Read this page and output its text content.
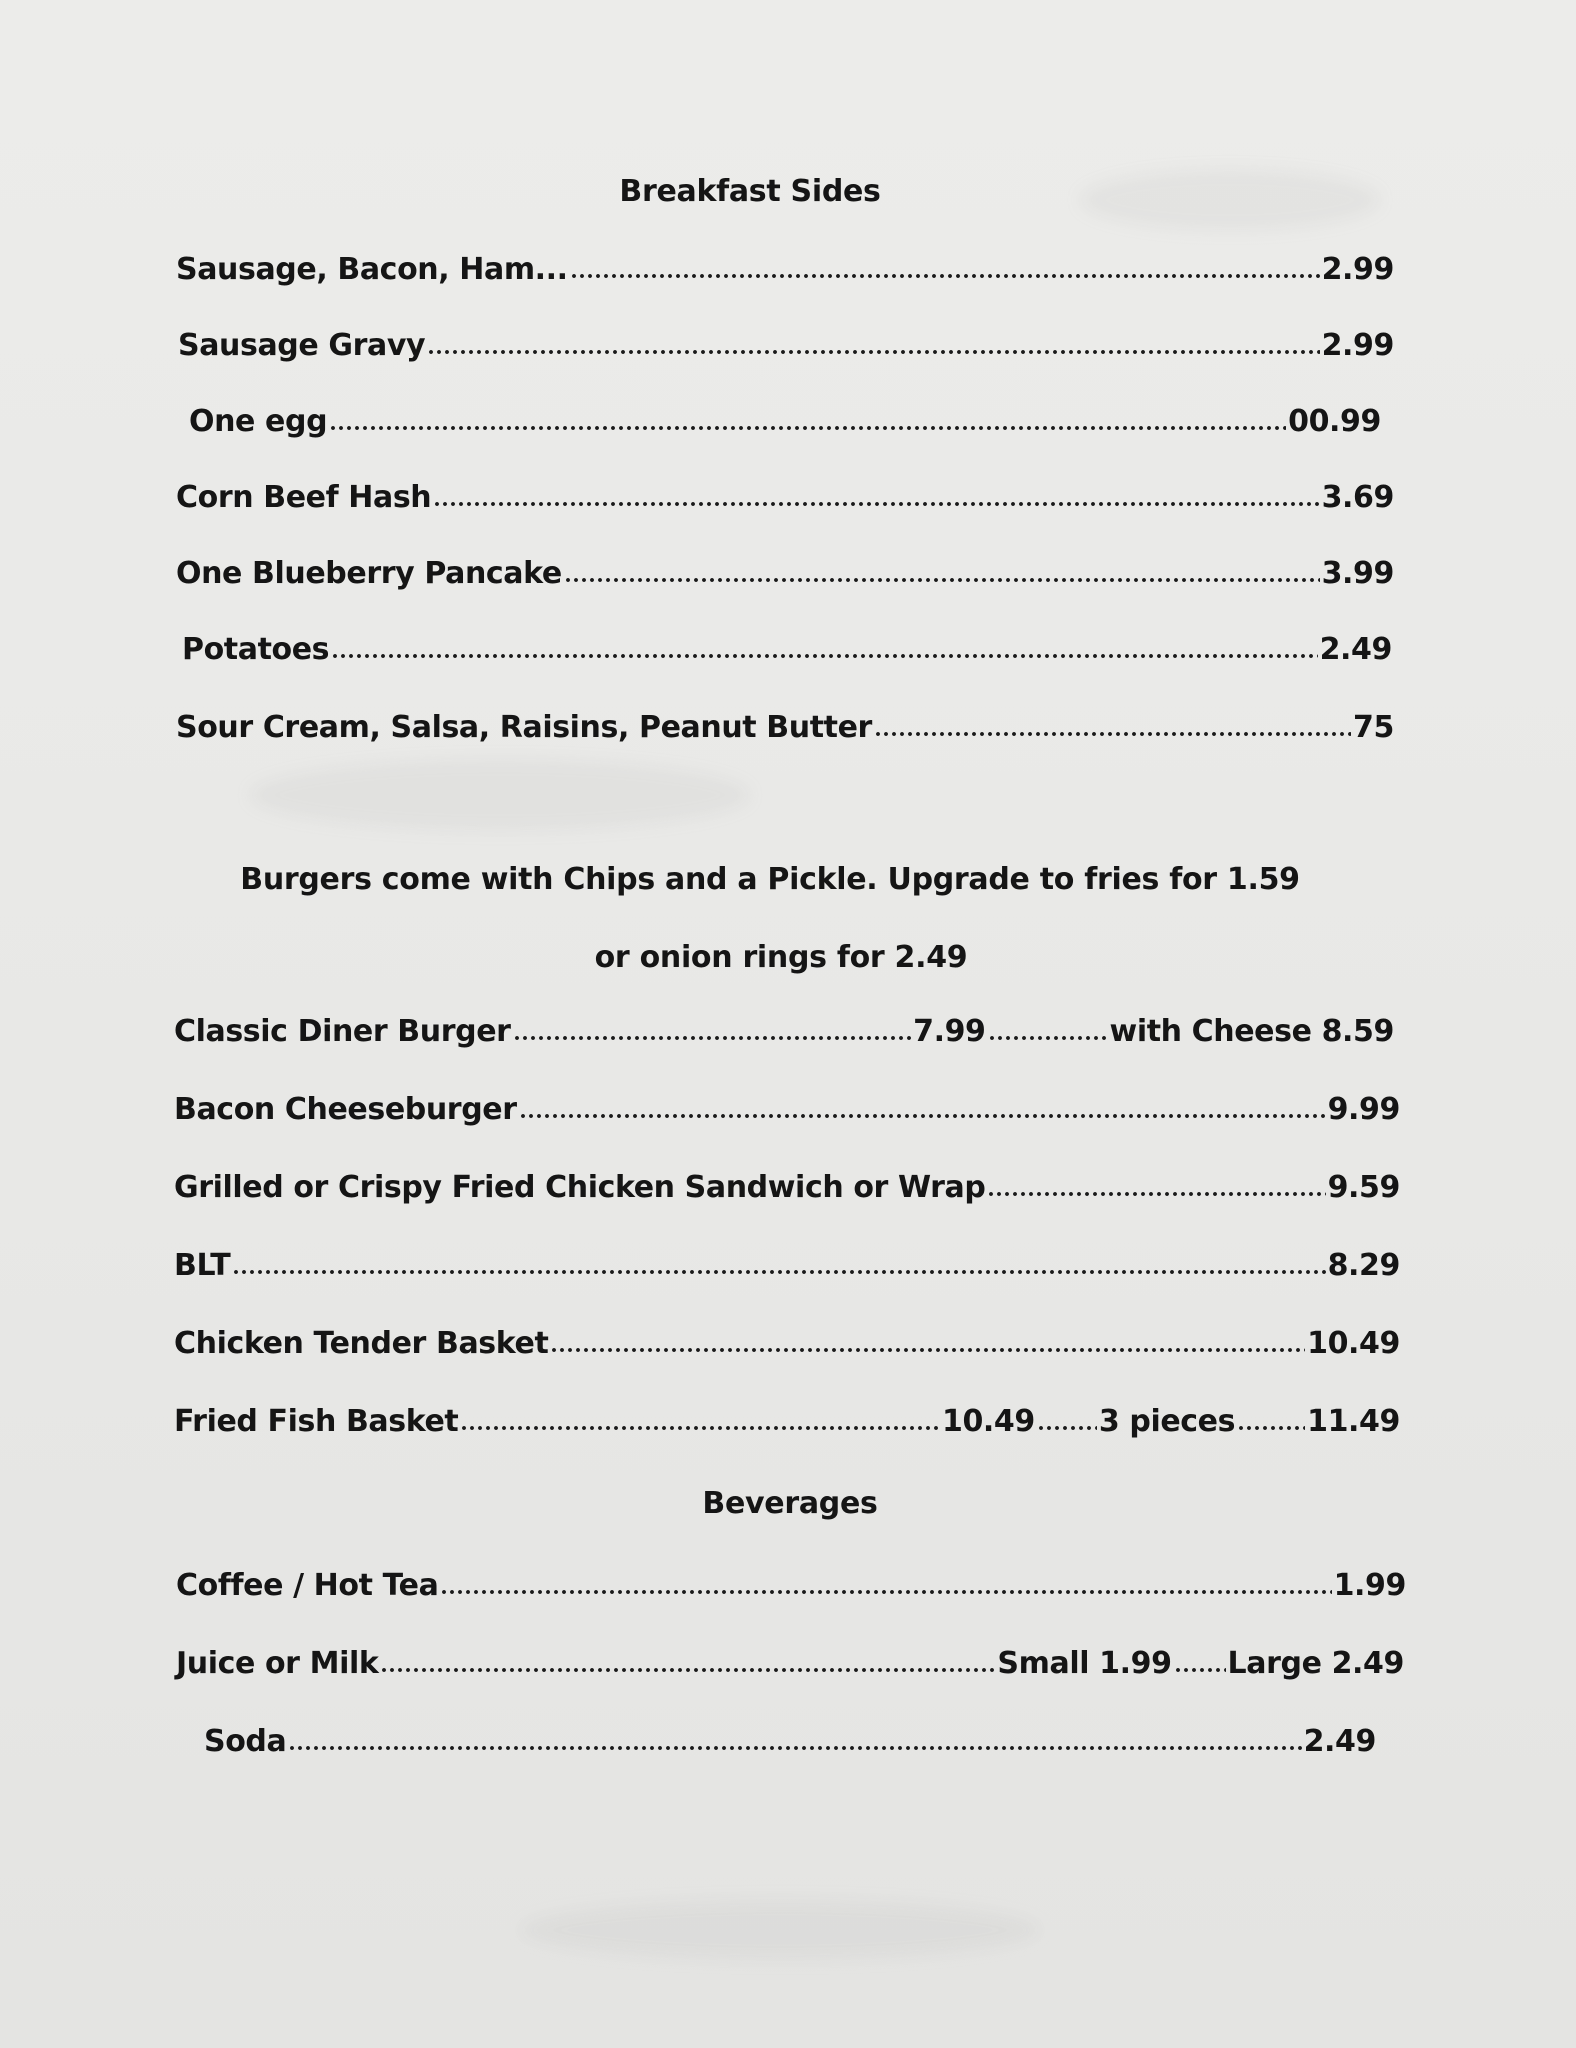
Breakfast Sides
Sausage, Bacon, Ham...	2.99
Sausage Gravy	2.99
One egg	00.99
Corn Beef Hash	3.69
One Blueberry Pancake	3.99
Potatoes	2.49
Sour Cream, Salsa, Raisins, Peanut Butter	75
Burgers come with Chips and a Pickle. Upgrade to fries for 1.59
or onion rings for 2.49
Classic Diner Burger	7.99	with Cheese 8.59
Bacon Cheeseburger	9.99
Grilled or Crispy Fried Chicken Sandwich or Wrap	9.59
BLT	8.29
Chicken Tender Basket	10.49
Fried Fish Basket	10.49 3 pieces 11.49
Beverages
Coffee / Hot Tea	1.99
Juice or Milk	Small 1.99 Large 2.49
Soda	2.49
